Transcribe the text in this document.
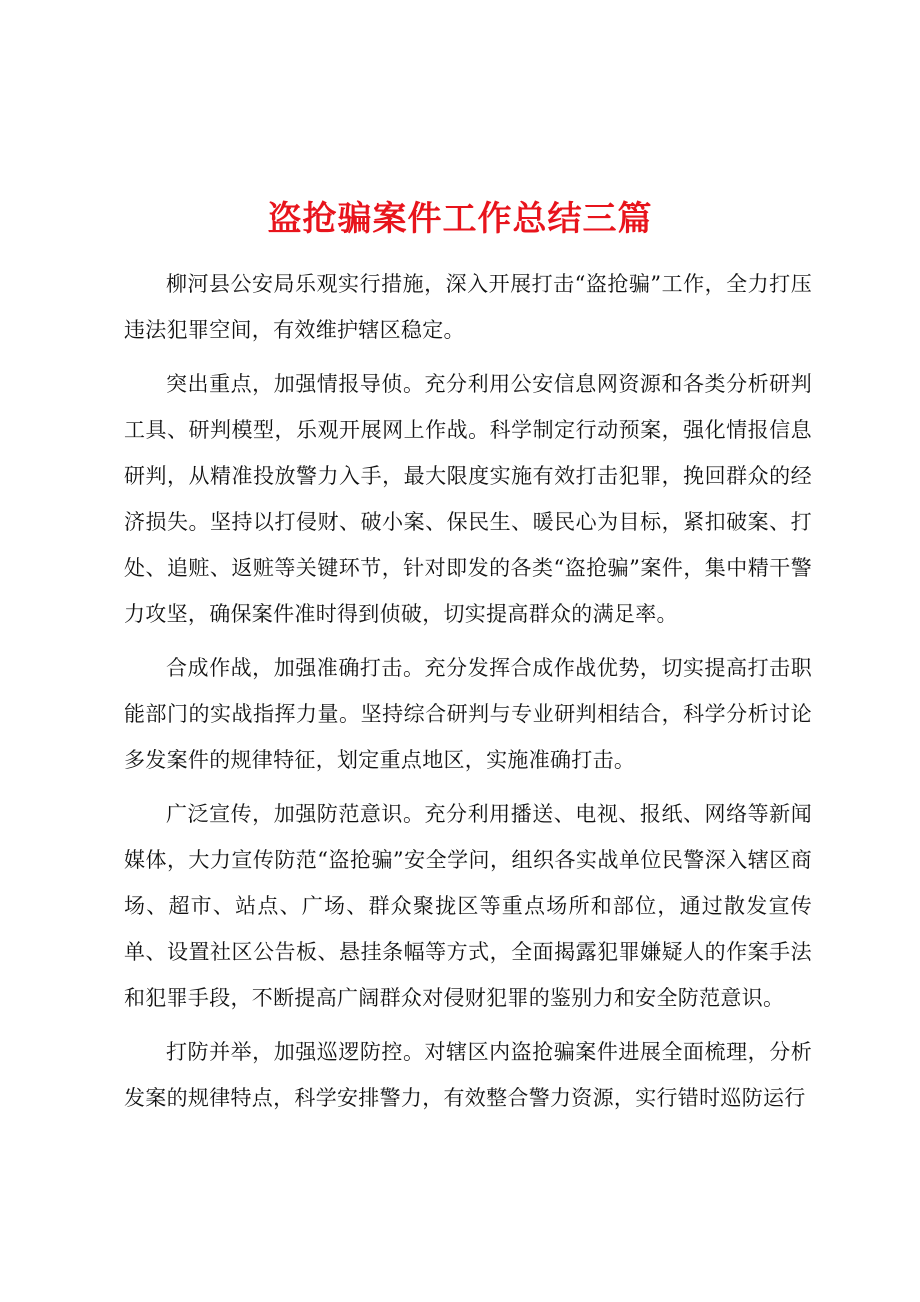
盗抢骗案件工作总结三篇

柳河县公安局乐观实行措施，深入开展打击“盗抢骗”工作，全力打压违法犯罪空间，有效维护辖区稳定。

突出重点，加强情报导侦。充分利用公安信息网资源和各类分析研判工具、研判模型，乐观开展网上作战。科学制定行动预案，强化情报信息研判，从精准投放警力入手，最大限度实施有效打击犯罪，挽回群众的经济损失。坚持以打侵财、破小案、保民生、暖民心为目标，紧扣破案、打处、追赃、返赃等关键环节，针对即发的各类“盗抢骗”案件，集中精干警力攻坚，确保案件准时得到侦破，切实提高群众的满足率。

合成作战，加强准确打击。充分发挥合成作战优势，切实提高打击职能部门的实战指挥力量。坚持综合研判与专业研判相结合，科学分析讨论多发案件的规律特征，划定重点地区，实施准确打击。

广泛宣传，加强防范意识。充分利用播送、电视、报纸、网络等新闻媒体，大力宣传防范“盗抢骗”安全学问，组织各实战单位民警深入辖区商场、超市、站点、广场、群众聚拢区等重点场所和部位，通过散发宣传单、设置社区公告板、悬挂条幅等方式，全面揭露犯罪嫌疑人的作案手法和犯罪手段，不断提高广阔群众对侵财犯罪的鉴别力和安全防范意识。

打防并举，加强巡逻防控。对辖区内盗抢骗案件进展全面梳理，分析发案的规律特点，科学安排警力，有效整合警力资源，实行错时巡防运行
